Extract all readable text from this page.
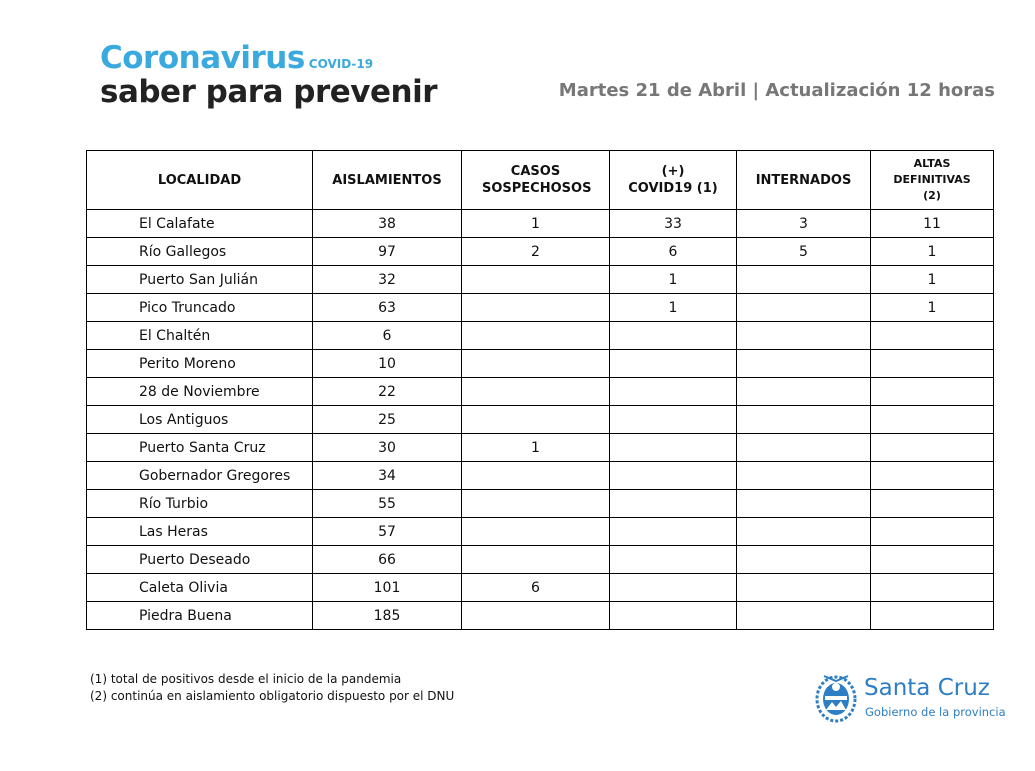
Coronavirus COVID-19
saber para prevenir	Martes 21 de Abril | Actualización 12 horas
LOCALIDAD	AISLAMIENTOS	CASOS SOSPECHOSOS	(+) COVID19 (1)	INTERNADOS	ALTAS DEFINITIVAS (2)
El Calafate	38	1	33	3	11
Río Gallegos	97	2	6	5	1
Puerto San Julián	32		1		1
Pico Truncado	63		1		1
El Chaltén	6				
Perito Moreno	10				
28 de Noviembre	22				
Los Antiguos	25				
Puerto Santa Cruz	30	1			
Gobernador Gregores	34				
Río Turbio	55				
Las Heras	57				
Puerto Deseado	66				
Caleta Olivia	101	6			
Piedra Buena	185				
(1) total de positivos desde el inicio de la pandemia
(2) continúa en aislamiento obligatorio dispuesto por el DNU	Santa Cruz
Gobierno de la provincia
